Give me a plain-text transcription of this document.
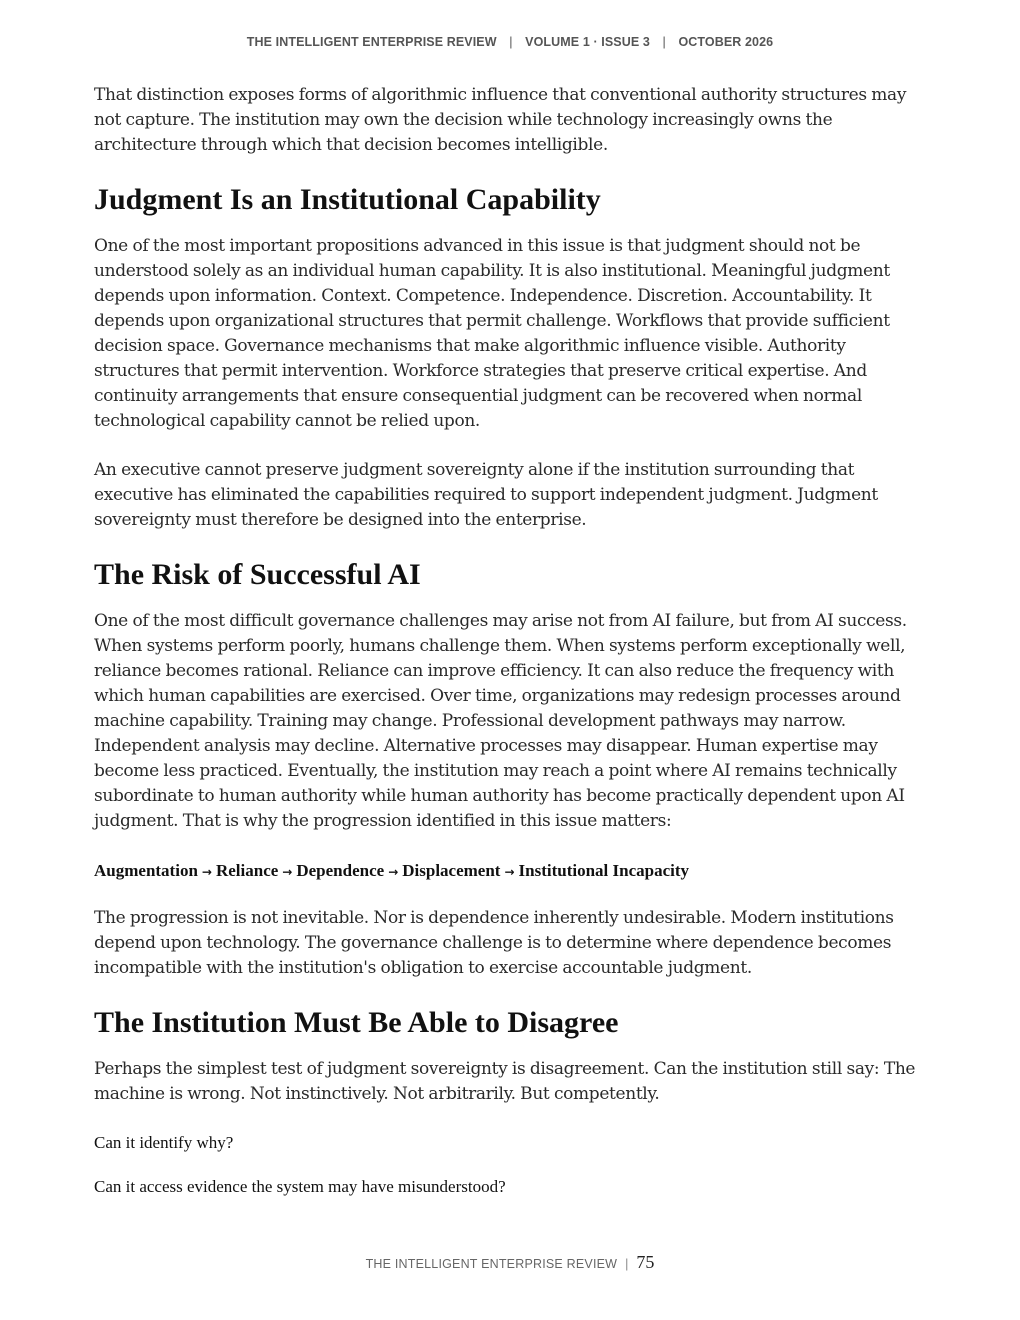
THE INTELLIGENT ENTERPRISE REVIEW | VOLUME 1 · ISSUE 3 | OCTOBER 2026

That distinction exposes forms of algorithmic influence that conventional authority structures may not capture. The institution may own the decision while technology increasingly owns the architecture through which that decision becomes intelligible.

Judgment Is an Institutional Capability

One of the most important propositions advanced in this issue is that judgment should not be understood solely as an individual human capability. It is also institutional. Meaningful judgment depends upon information. Context. Competence. Independence. Discretion. Accountability. It depends upon organizational structures that permit challenge. Workflows that provide sufficient decision space. Governance mechanisms that make algorithmic influence visible. Authority structures that permit intervention. Workforce strategies that preserve critical expertise. And continuity arrangements that ensure consequential judgment can be recovered when normal technological capability cannot be relied upon.

An executive cannot preserve judgment sovereignty alone if the institution surrounding that executive has eliminated the capabilities required to support independent judgment. Judgment sovereignty must therefore be designed into the enterprise.

The Risk of Successful AI

One of the most difficult governance challenges may arise not from AI failure, but from AI success. When systems perform poorly, humans challenge them. When systems perform exceptionally well, reliance becomes rational. Reliance can improve efficiency. It can also reduce the frequency with which human capabilities are exercised. Over time, organizations may redesign processes around machine capability. Training may change. Professional development pathways may narrow. Independent analysis may decline. Alternative processes may disappear. Human expertise may become less practiced. Eventually, the institution may reach a point where AI remains technically subordinate to human authority while human authority has become practically dependent upon AI judgment. That is why the progression identified in this issue matters:

Augmentation → Reliance → Dependence → Displacement → Institutional Incapacity

The progression is not inevitable. Nor is dependence inherently undesirable. Modern institutions depend upon technology. The governance challenge is to determine where dependence becomes incompatible with the institution's obligation to exercise accountable judgment.

The Institution Must Be Able to Disagree

Perhaps the simplest test of judgment sovereignty is disagreement. Can the institution still say: The machine is wrong. Not instinctively. Not arbitrarily. But competently.

Can it identify why?

Can it access evidence the system may have misunderstood?

THE INTELLIGENT ENTERPRISE REVIEW | 75
